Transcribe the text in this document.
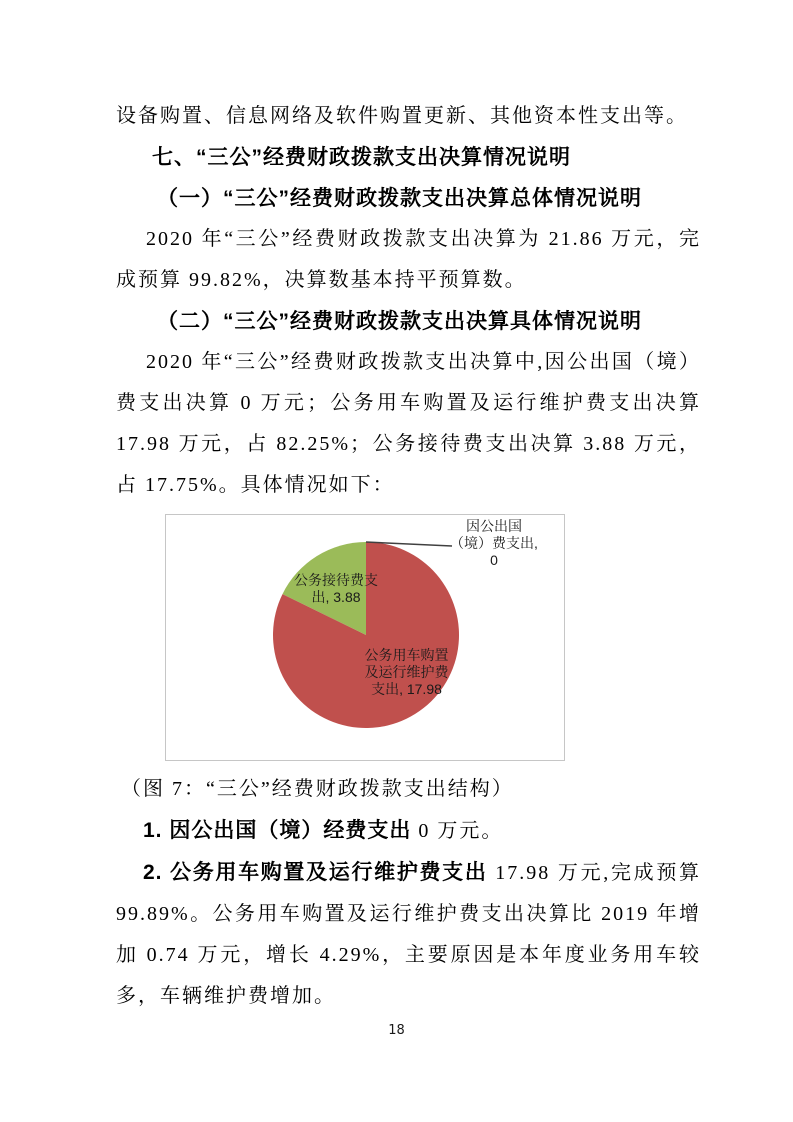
设备购置、信息网络及软件购置更新、其他资本性支出等。

七、“三公”经费财政拨款支出决算情况说明
（一）“三公”经费财政拨款支出决算总体情况说明

2020 年“三公”经费财政拨款支出决算为 21.86 万元，完成预算 99.82%，决算数基本持平预算数。

（二）“三公”经费财政拨款支出决算具体情况说明

2020 年“三公”经费财政拨款支出决算中,因公出国（境）费支出决算 0 万元；公务用车购置及运行维护费支出决算 17.98 万元，占 82.25%；公务接待费支出决算 3.88 万元，占 17.75%。具体情况如下：

因公出国
（境）费支出,
0
公务接待费支
出, 3.88
公务用车购置
及运行维护费
支出, 17.98

（图 7：“三公”经费财政拨款支出结构）

1. 因公出国（境）经费支出 0 万元。

2. 公务用车购置及运行维护费支出 17.98 万元,完成预算 99.89%。公务用车购置及运行维护费支出决算比 2019 年增加 0.74 万元，增长 4.29%，主要原因是本年度业务用车较多，车辆维护费增加。

18
